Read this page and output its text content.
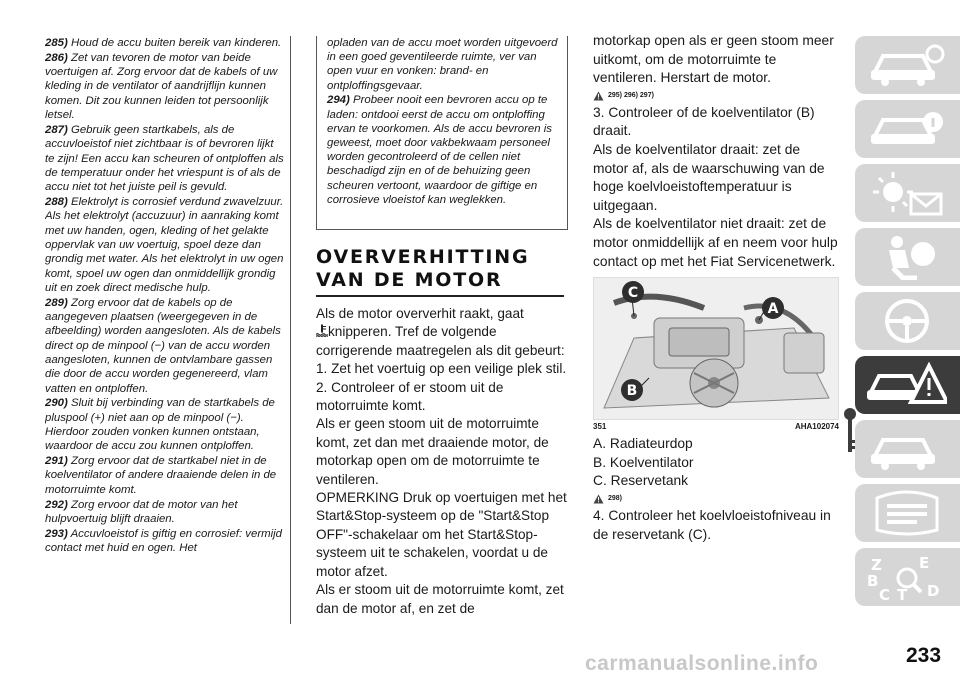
285) Houd de accu buiten bereik van kinderen.

286) Zet van tevoren de motor van beide voertuigen af. Zorg ervoor dat de kabels of uw kleding in de ventilator of aandrijflijn kunnen komen. Dit zou kunnen leiden tot persoonlijk letsel.

287) Gebruik geen startkabels, als de accuvloeistof niet zichtbaar is of bevroren lijkt te zijn! Een accu kan scheuren of ontploffen als de temperatuur onder het vriespunt is of als de accu niet tot het juiste peil is gevuld.

288) Elektrolyt is corrosief verdund zwavelzuur. Als het elektrolyt (accuzuur) in aanraking komt met uw handen, ogen, kleding of het gelakte oppervlak van uw voertuig, spoel deze dan grondig met water. Als het elektrolyt in uw ogen komt, spoel uw ogen dan onmiddellijk grondig uit en zoek direct medische hulp.

289) Zorg ervoor dat de kabels op de aangegeven plaatsen (weergegeven in de afbeelding) worden aangesloten. Als de kabels direct op de minpool (−) van de accu worden aangesloten, kunnen de ontvlambare gassen die door de accu worden gegenereerd, vlam vatten en ontploffen.

290) Sluit bij verbinding van de startkabels de pluspool (+) niet aan op de minpool (−). Hierdoor zouden vonken kunnen ontstaan, waardoor de accu zou kunnen ontploffen.

291) Zorg ervoor dat de startkabel niet in de koelventilator of andere draaiende delen in de motorruimte komt.

292) Zorg ervoor dat de motor van het hulpvoertuig blijft draaien.

293) Accuvloeistof is giftig en corrosief: vermijd contact met huid en ogen. Het

opladen van de accu moet worden uitgevoerd in een goed geventileerde ruimte, ver van open vuur en vonken: brand- en ontploffingsgevaar.

294) Probeer nooit een bevroren accu op te laden: ontdooi eerst de accu om ontploffing ervan te voorkomen. Als de accu bevroren is geweest, moet door vakbekwaam personeel worden gecontroleerd of de cellen niet beschadigd zijn en of de behuizing geen scheuren vertoont, waardoor de giftige en corrosieve vloeistof kan weglekken.

OVERVERHITTING
VAN DE MOTOR

Als de motor oververhit raakt, gaat
knipperen. Tref de volgende corrigerende maatregelen als dit gebeurt:

1. Zet het voertuig op een veilige plek stil.

2. Controleer of er stoom uit de motorruimte komt.

Als er geen stoom uit de motorruimte komt, zet dan met draaiende motor, de motorkap open om de motorruimte te ventileren.

OPMERKING Druk op voertuigen met het Start&Stop-systeem op de "Start&Stop OFF"-schakelaar om het Start&Stop-systeem uit te schakelen, voordat u de motor afzet.

Als er stoom uit de motorruimte komt, zet dan de motor af, en zet de

motorkap open als er geen stoom meer uitkomt, om de motorruimte te ventileren. Herstart de motor.

295) 296) 297)

3. Controleer of de koelventilator (B) draait.

Als de koelventilator draait: zet de motor af, als de waarschuwing van de hoge koelvloeistoftemperatuur is uitgegaan.

Als de koelventilator niet draait: zet de motor onmiddellijk af en neem voor hulp contact op met het Fiat Servicenetwerk.

C
A
B
351	AHA102074

A. Radiateurdop

B. Koelventilator

C. Reservetank

298)

4. Controleer het koelvloeistofniveau in de reservetank (C).

Z E
B
C T D
carmanualsonline.info	233
